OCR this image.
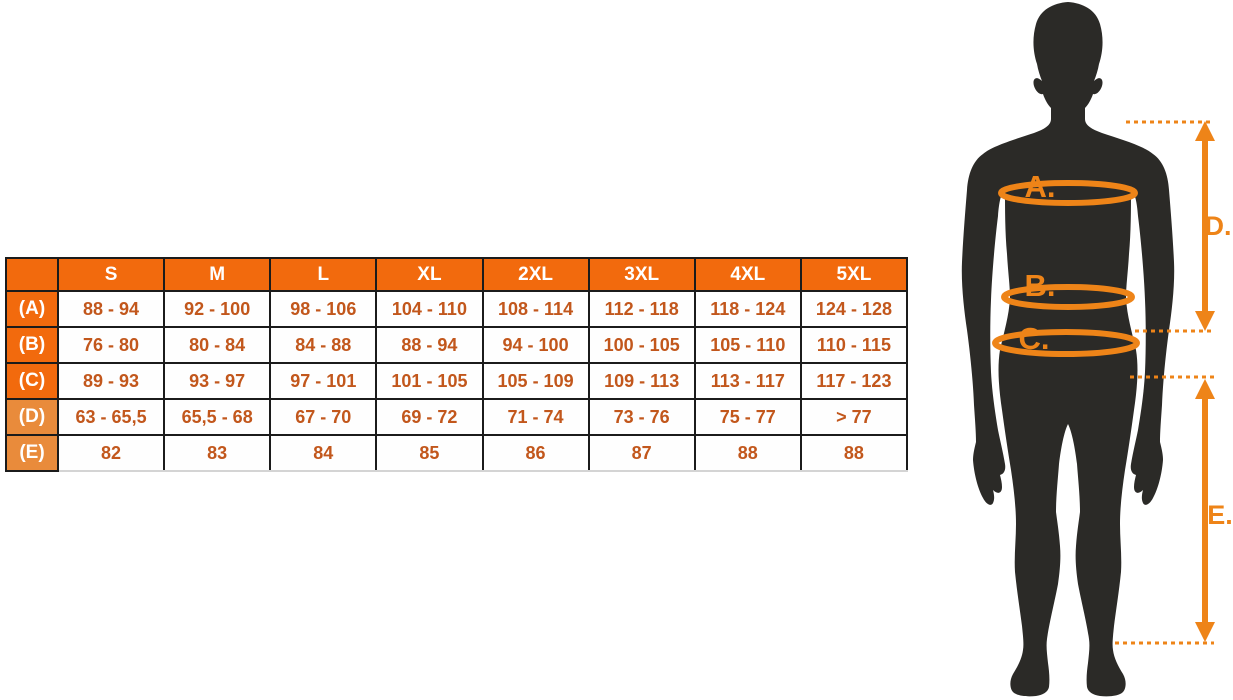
	S	M	L	XL	2XL	3XL	4XL	5XL
(A)	88 - 94	92 - 100	98 - 106	104 - 110	108 - 114	112 - 118	118 - 124	124 - 128
(B)	76 - 80	80 - 84	84 - 88	88 - 94	94 - 100	100 - 105	105 - 110	110 - 115
(C)	89 - 93	93 - 97	97 - 101	101 - 105	105 - 109	109 - 113	113 - 117	117 - 123
(D)	63 - 65,5	65,5 - 68	67 - 70	69 - 72	71 - 74	73 - 76	75 - 77	> 77
(E)	82	83	84	85	86	87	88	88
A.
B.
C.
D.
E.
